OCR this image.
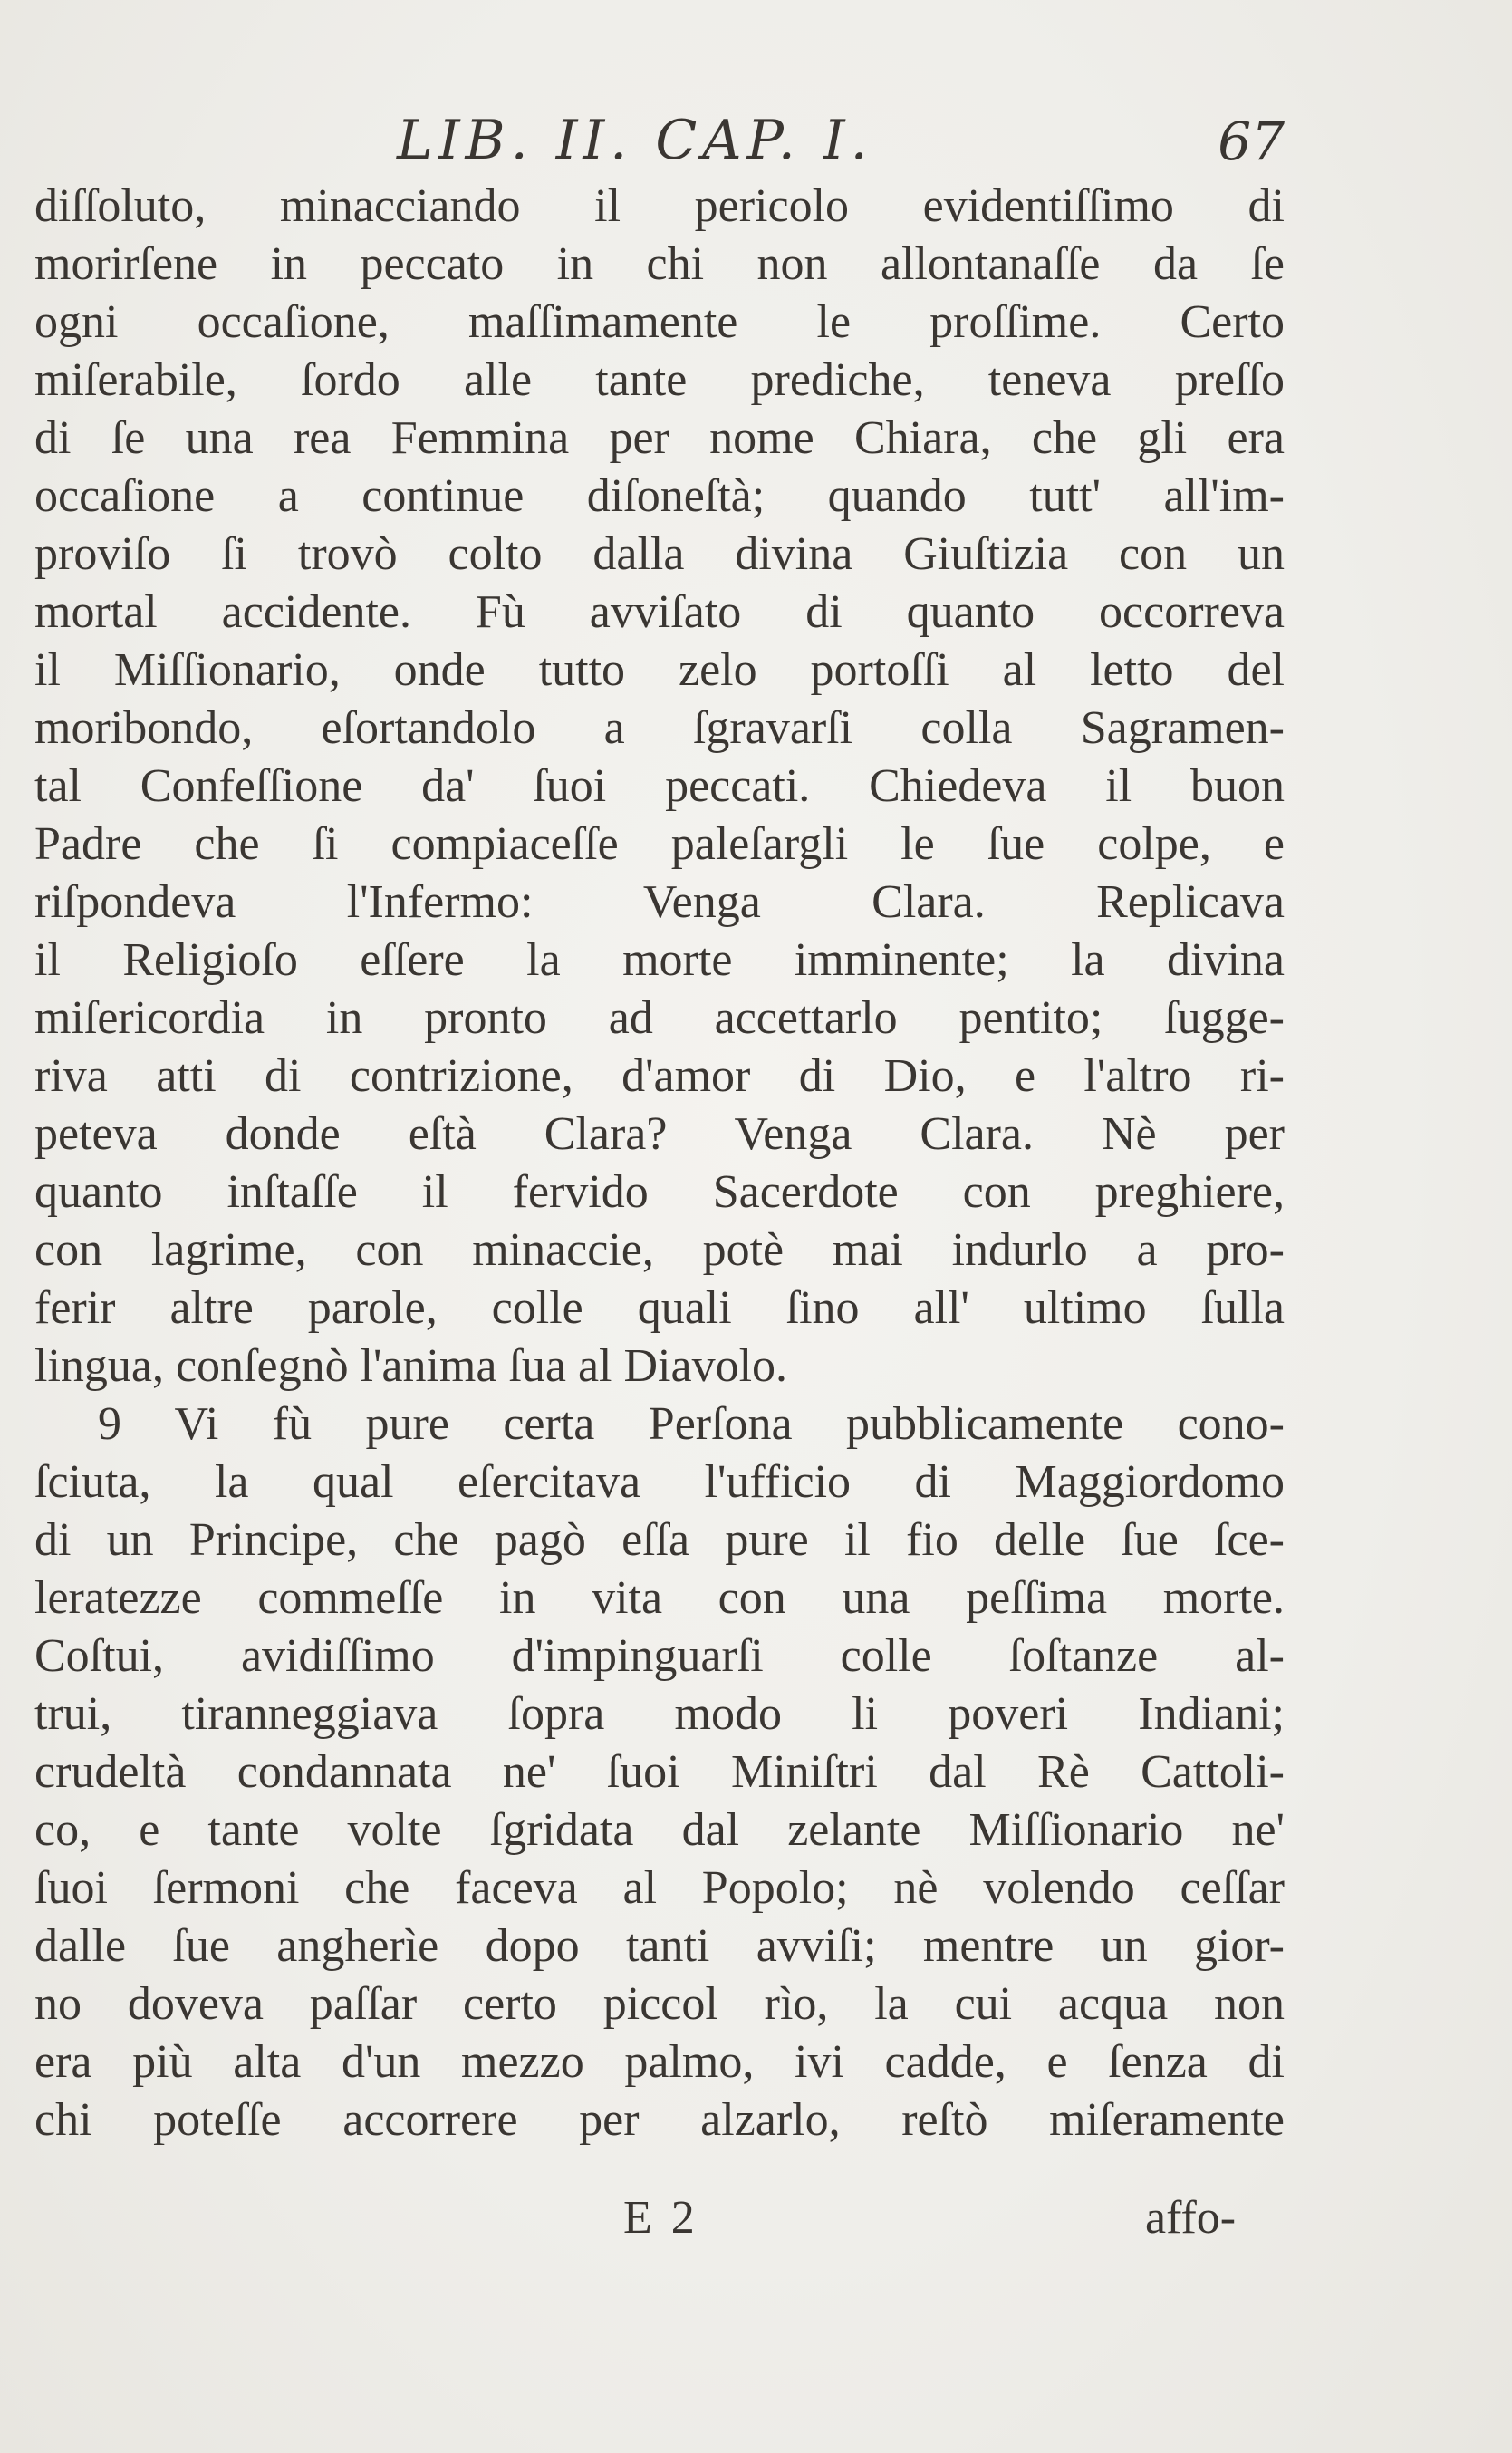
LIB. II. CAP. I.	67
diſſoluto, minacciando il pericolo evidentiſſimo di
morirſene in peccato in chi non allontanaſſe da ſe
ogni occaſione, maſſimamente le proſſime. Certo
miſerabile, ſordo alle tante prediche, teneva preſſo
di ſe una rea Femmina per nome Chiara, che gli era
occaſione a continue diſoneſtà; quando tutt' all'im-
proviſo ſi trovò colto dalla divina Giuſtizia con un
mortal accidente. Fù avviſato di quanto occorreva
il Miſſionario, onde tutto zelo portoſſi al letto del
moribondo, eſortandolo a ſgravarſi colla Sagramen-
tal Confeſſione da' ſuoi peccati. Chiedeva il buon
Padre che ſi compiaceſſe paleſargli le ſue colpe, e
riſpondeva l'Infermo: Venga Clara. Replicava
il Religioſo eſſere la morte imminente; la divina
miſericordia in pronto ad accettarlo pentito; ſugge-
riva atti di contrizione, d'amor di Dio, e l'altro ri-
peteva donde eſtà Clara? Venga Clara. Nè per
quanto inſtaſſe il fervido Sacerdote con preghiere,
con lagrime, con minaccie, potè mai indurlo a pro-
ferir altre parole, colle quali ſino all' ultimo ſulla
lingua, conſegnò l'anima ſua al Diavolo.
9 Vi fù pure certa Perſona pubblicamente cono-
ſciuta, la qual eſercitava l'ufficio di Maggiordomo
di un Principe, che pagò eſſa pure il fio delle ſue ſce-
leratezze commeſſe in vita con una peſſima morte.
Coſtui, avidiſſimo d'impinguarſi colle ſoſtanze al-
trui, tiranneggiava ſopra modo li poveri Indiani;
crudeltà condannata ne' ſuoi Miniſtri dal Rè Cattoli-
co, e tante volte ſgridata dal zelante Miſſionario ne'
ſuoi ſermoni che faceva al Popolo; nè volendo ceſſar
dalle ſue angherìe dopo tanti avviſi; mentre un gior-
no doveva paſſar certo piccol rìo, la cui acqua non
era più alta d'un mezzo palmo, ivi cadde, e ſenza di
chi poteſſe accorrere per alzarlo, reſtò miſeramente
E 2	affo-
